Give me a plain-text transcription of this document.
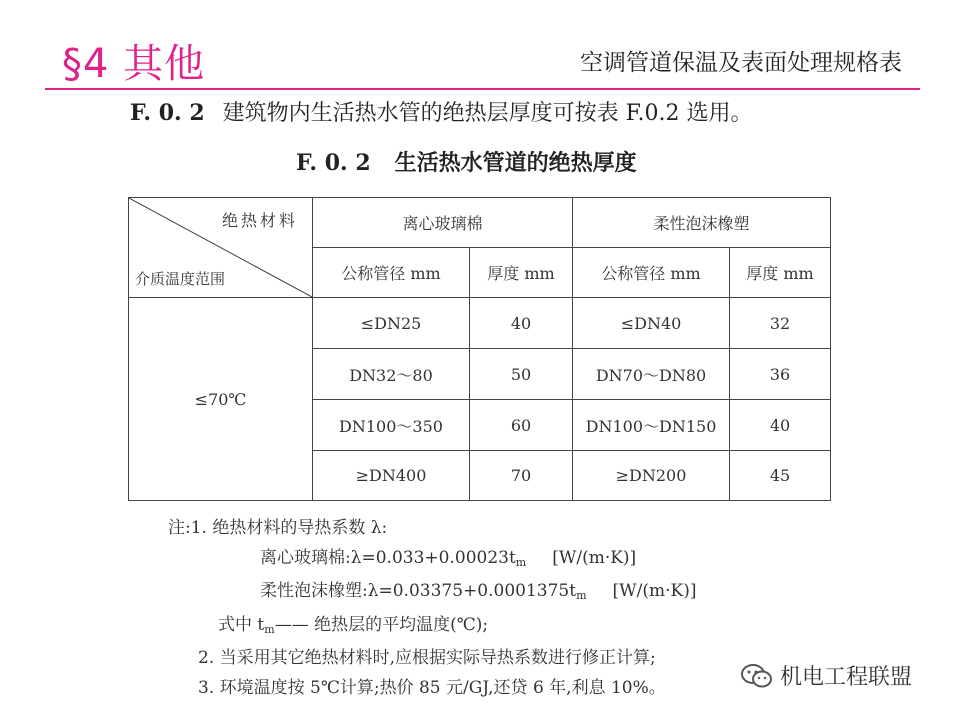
§4 其他	空调管道保温及表面处理规格表
F. 0. 2 建筑物内生活热水管的绝热层厚度可按表 F.0.2 选用。
F. 0. 2 生活热水管道的绝热厚度
绝热材料
介质温度范围	离心玻璃棉		柔性泡沫橡塑	
	公称管径 mm	厚度 mm	公称管径 mm	厚度 mm
≤70℃	≤DN25	40	≤DN40	32
	DN32～80	50	DN70～DN80	36
	DN100～350	60	DN100～DN150	40
	≥DN400	70	≥DN200	45
注:1. 绝热材料的导热系数 λ:
离心玻璃棉$:\lambda=0.033+0.00023t_m$ [W/(m·K)]
柔性泡沫橡塑$:\lambda=0.03375+0.0001375t_m$ [W/(m·K)]
式中 $t_m——$ 绝热层的平均温度(℃);
2. 当采用其它绝热材料时,应根据实际导热系数进行修正计算;
3. 环境温度按 5℃计算;热价 85 元/GJ,还贷 6 年,利息 10%。	机电工程联盟
